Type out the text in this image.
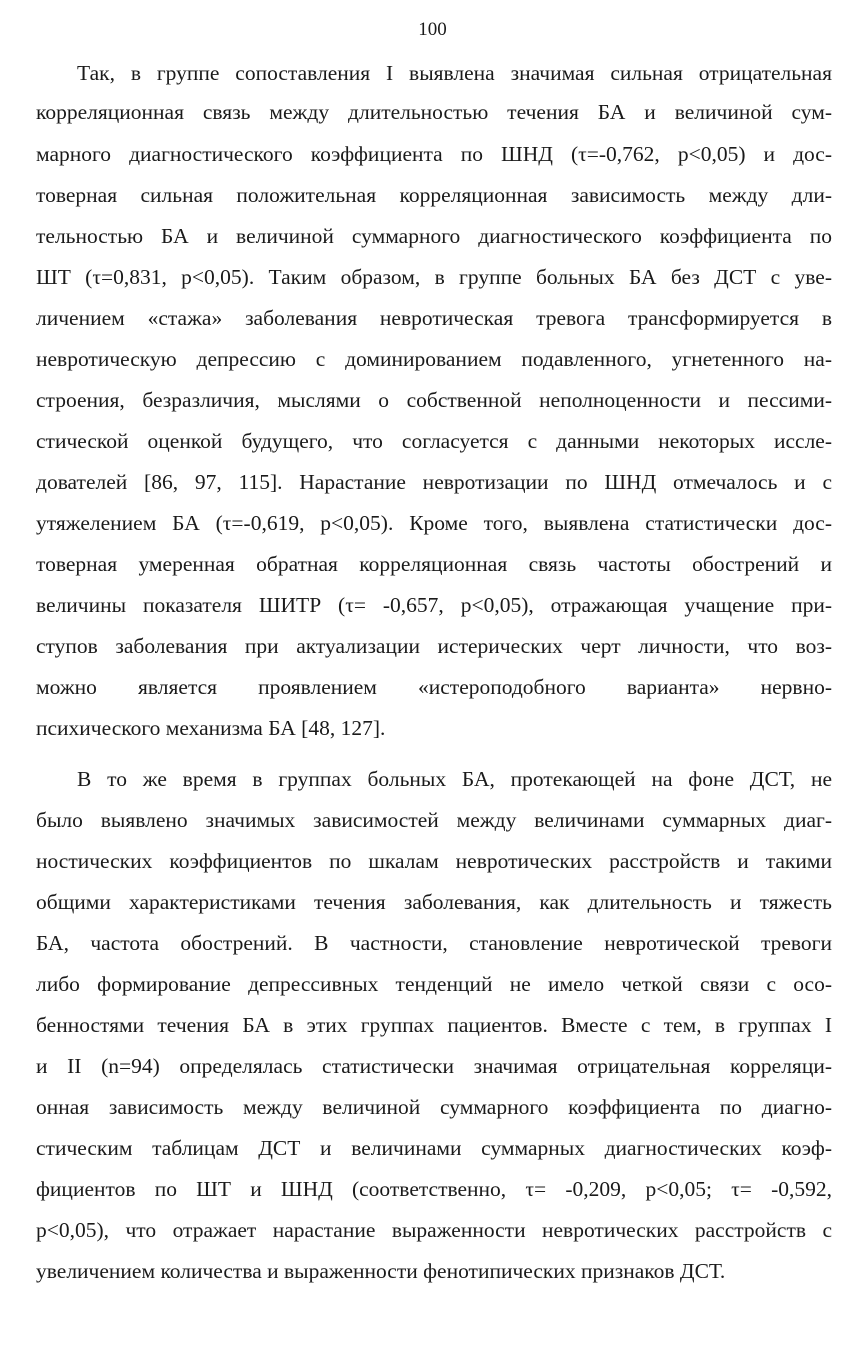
100
Так, в группе сопоставления I выявлена значимая сильная отрицательная
корреляционная связь между длительностью течения БА и величиной сум-
марного диагностического коэффициента по ШНД (τ=-0,762, p<0,05) и дос-
товерная сильная положительная корреляционная зависимость между дли-
тельностью БА и величиной суммарного диагностического коэффициента по
ШТ (τ=0,831, p<0,05). Таким образом, в группе больных БА без ДСТ с уве-
личением «стажа» заболевания невротическая тревога трансформируется в
невротическую депрессию с доминированием подавленного, угнетенного на-
строения, безразличия, мыслями о собственной неполноценности и пессими-
стической оценкой будущего, что согласуется с данными некоторых иссле-
дователей [86, 97, 115]. Нарастание невротизации по ШНД отмечалось и с
утяжелением БА (τ=-0,619, p<0,05). Кроме того, выявлена статистически дос-
товерная умеренная обратная корреляционная связь частоты обострений и
величины показателя ШИТР (τ= -0,657, p<0,05), отражающая учащение при-
ступов заболевания при актуализации истерических черт личности, что воз-
можно является проявлением «истероподобного варианта» нервно-
психического механизма БА [48, 127].
В то же время в группах больных БА, протекающей на фоне ДСТ, не
было выявлено значимых зависимостей между величинами суммарных диаг-
ностических коэффициентов по шкалам невротических расстройств и такими
общими характеристиками течения заболевания, как длительность и тяжесть
БА, частота обострений. В частности, становление невротической тревоги
либо формирование депрессивных тенденций не имело четкой связи с осо-
бенностями течения БА в этих группах пациентов. Вместе с тем, в группах I
и II (n=94) определялась статистически значимая отрицательная корреляци-
онная зависимость между величиной суммарного коэффициента по диагно-
стическим таблицам ДСТ и величинами суммарных диагностических коэф-
фициентов по ШТ и ШНД (соответственно, τ= -0,209, p<0,05; τ= -0,592,
p<0,05), что отражает нарастание выраженности невротических расстройств с
увеличением количества и выраженности фенотипических признаков ДСТ.
